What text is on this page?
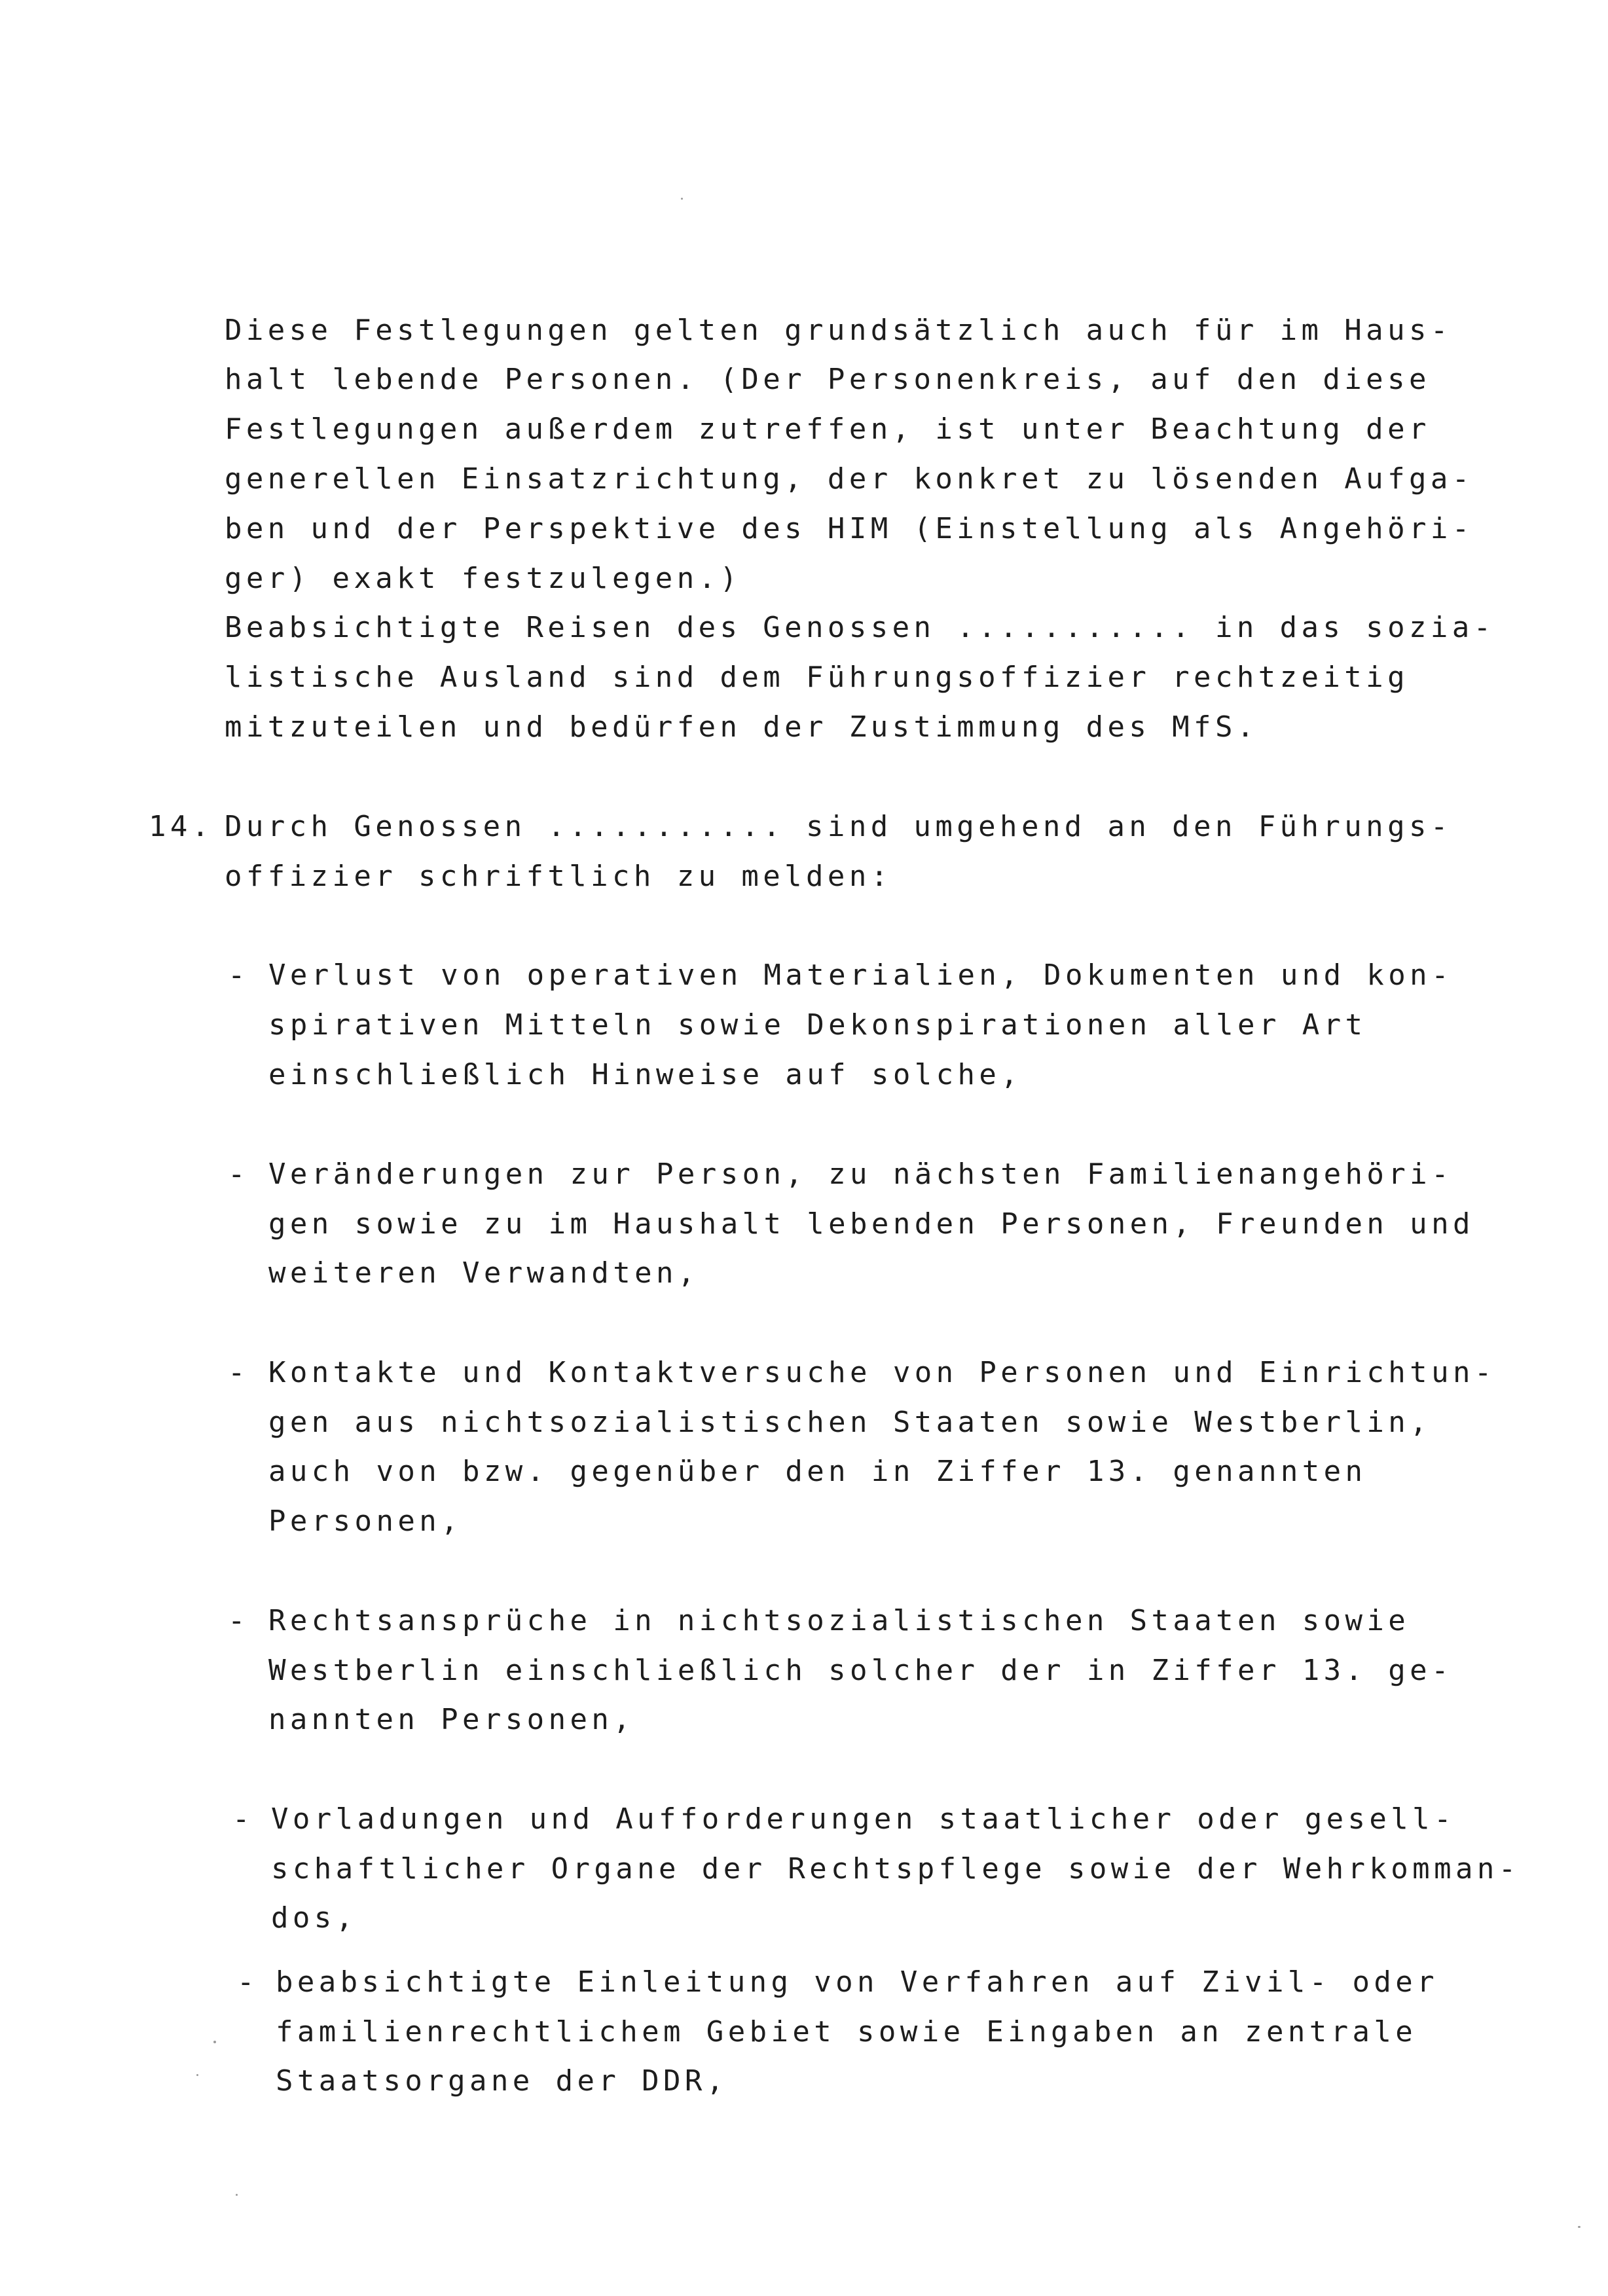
Diese Festlegungen gelten grundsätzlich auch für im Haus-

halt lebende Personen. (Der Personenkreis, auf den diese

Festlegungen außerdem zutreffen, ist unter Beachtung der

generellen Einsatzrichtung, der konkret zu lösenden Aufga-

ben und der Perspektive des HIM (Einstellung als Angehöri-

ger) exakt festzulegen.)

Beabsichtigte Reisen des Genossen ........... in das sozia-

listische Ausland sind dem Führungsoffizier rechtzeitig

mitzuteilen und bedürfen der Zustimmung des MfS.

14. Durch Genossen ........... sind umgehend an den Führungs-

offizier schriftlich zu melden:

- Verlust von operativen Materialien, Dokumenten und kon-

spirativen Mitteln sowie Dekonspirationen aller Art

einschließlich Hinweise auf solche,

- Veränderungen zur Person, zu nächsten Familienangehöri-

gen sowie zu im Haushalt lebenden Personen, Freunden und

weiteren Verwandten,

- Kontakte und Kontaktversuche von Personen und Einrichtun-

gen aus nichtsozialistischen Staaten sowie Westberlin,

auch von bzw. gegenüber den in Ziffer 13. genannten

Personen,

- Rechtsansprüche in nichtsozialistischen Staaten sowie

Westberlin einschließlich solcher der in Ziffer 13. ge-

nannten Personen,

- Vorladungen und Aufforderungen staatlicher oder gesell-

schaftlicher Organe der Rechtspflege sowie der Wehrkomman-

dos,

- beabsichtigte Einleitung von Verfahren auf Zivil- oder

familienrechtlichem Gebiet sowie Eingaben an zentrale

Staatsorgane der DDR,
